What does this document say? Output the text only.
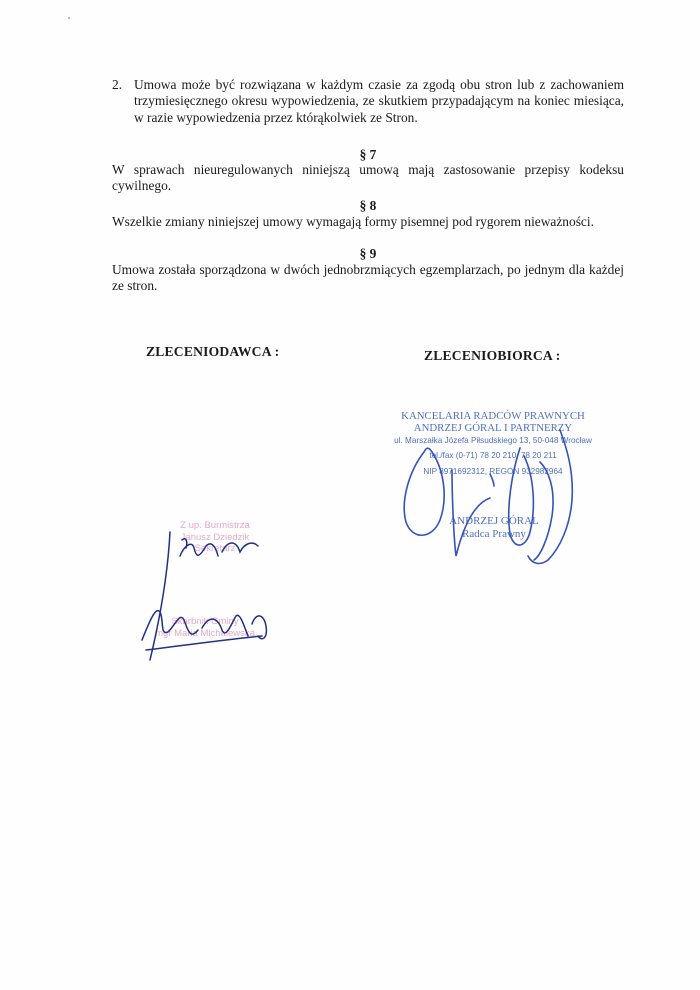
2. Umowa może być rozwiązana w każdym czasie za zgodą obu stron lub z zachowaniem trzymiesięcznego okresu wypowiedzenia, ze skutkiem przypadającym na koniec miesiąca, w razie wypowiedzenia przez którąkolwiek ze Stron.

§ 7

W sprawach nieuregulowanych niniejszą umową mają zastosowanie przepisy kodeksu cywilnego.

§ 8

Wszelkie zmiany niniejszej umowy wymagają formy pisemnej pod rygorem nieważności.

§ 9

Umowa została sporządzona w dwóch jednobrzmiących egzemplarzach, po jednym dla każdej ze stron.

ZLECENIODAWCA :	ZLECENIOBIORCA :
KANCELARIA RADCÓW PRAWNYCH
ANDRZEJ GÓRAL I PARTNERZY
ul. Marszałka Józefa Piłsudskiego 13, 50-048 Wrocław
tel./fax (0-71) 78 20 210, 78 20 211
NIP 8971692312, REGON 932982964
ANDRZEJ GÓRAL
Radca Prawny
Z up. Burmistrza
Janusz Dziedzik
Sekretarz
Skarbnik Gminy
mgr Maria Michalewska
